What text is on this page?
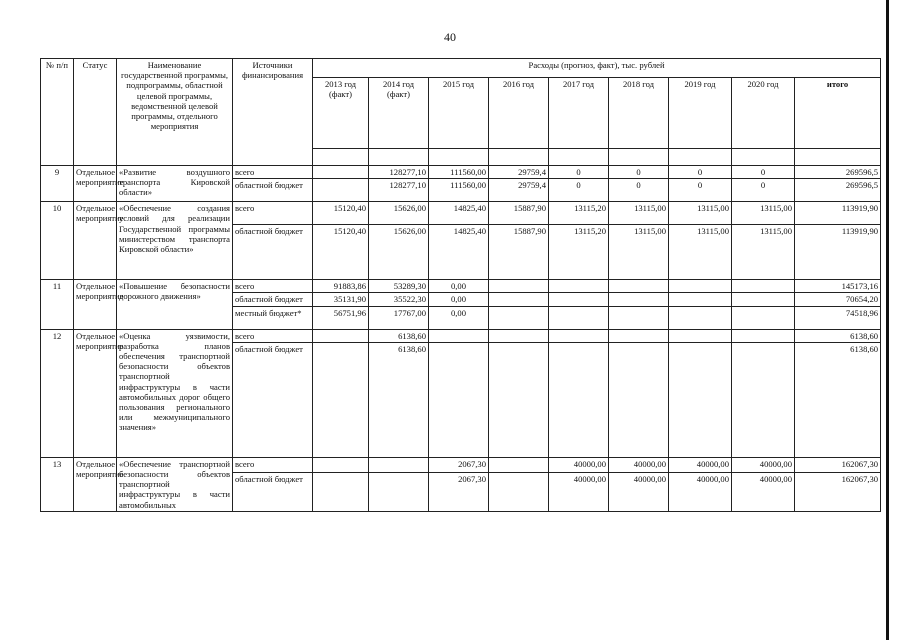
40
№ п/п	Статус	Наименование государственной программы, подпрограммы, областной целевой программы, ведомственной целевой программы, отдельного мероприятия	Источники финансирования	Расходы (прогноз, факт), тыс. рублей								
				2013 год (факт)	2014 год (факт)	2015 год	2016 год	2017 год	2018 год	2019 год	2020 год	итого

9	Отдельное мероприятие	«Развитие воздушного транспорта Кировской области»	всего		128277,10	111560,00	29759,4	0	0	0	0	269596,5
			областной бюджет		128277,10	111560,00	29759,4	0	0	0	0	269596,5
10	Отдельное мероприятие	«Обеспечение создания условий для реализации Государственной программы министерством транспорта Кировской области»	всего	15120,40	15626,00	14825,40	15887,90	13115,20	13115,00	13115,00	13115,00	113919,90
			областной бюджет	15120,40	15626,00	14825,40	15887,90	13115,20	13115,00	13115,00	13115,00	113919,90
11	Отдельное мероприятие	«Повышение безопасности дорожного движения»	всего	91883,86	53289,30	0,00						145173,16
			областной бюджет	35131,90	35522,30	0,00						70654,20
			местный бюджет*	56751,96	17767,00	0,00						74518,96
12	Отдельное мероприятие	«Оценка уязвимости, разработка планов обеспечения транспортной безопасности объектов транспортной инфраструктуры в части автомобильных дорог общего пользования регионального или межмуниципального значения»	всего		6138,60							6138,60
			областной бюджет		6138,60							6138,60
13	Отдельное мероприятие	«Обеспечение транспортной безопасности объектов транспортной инфраструктуры в части автомобильных	всего			2067,30		40000,00	40000,00	40000,00	40000,00	162067,30
			областной бюджет			2067,30		40000,00	40000,00	40000,00	40000,00	162067,30
